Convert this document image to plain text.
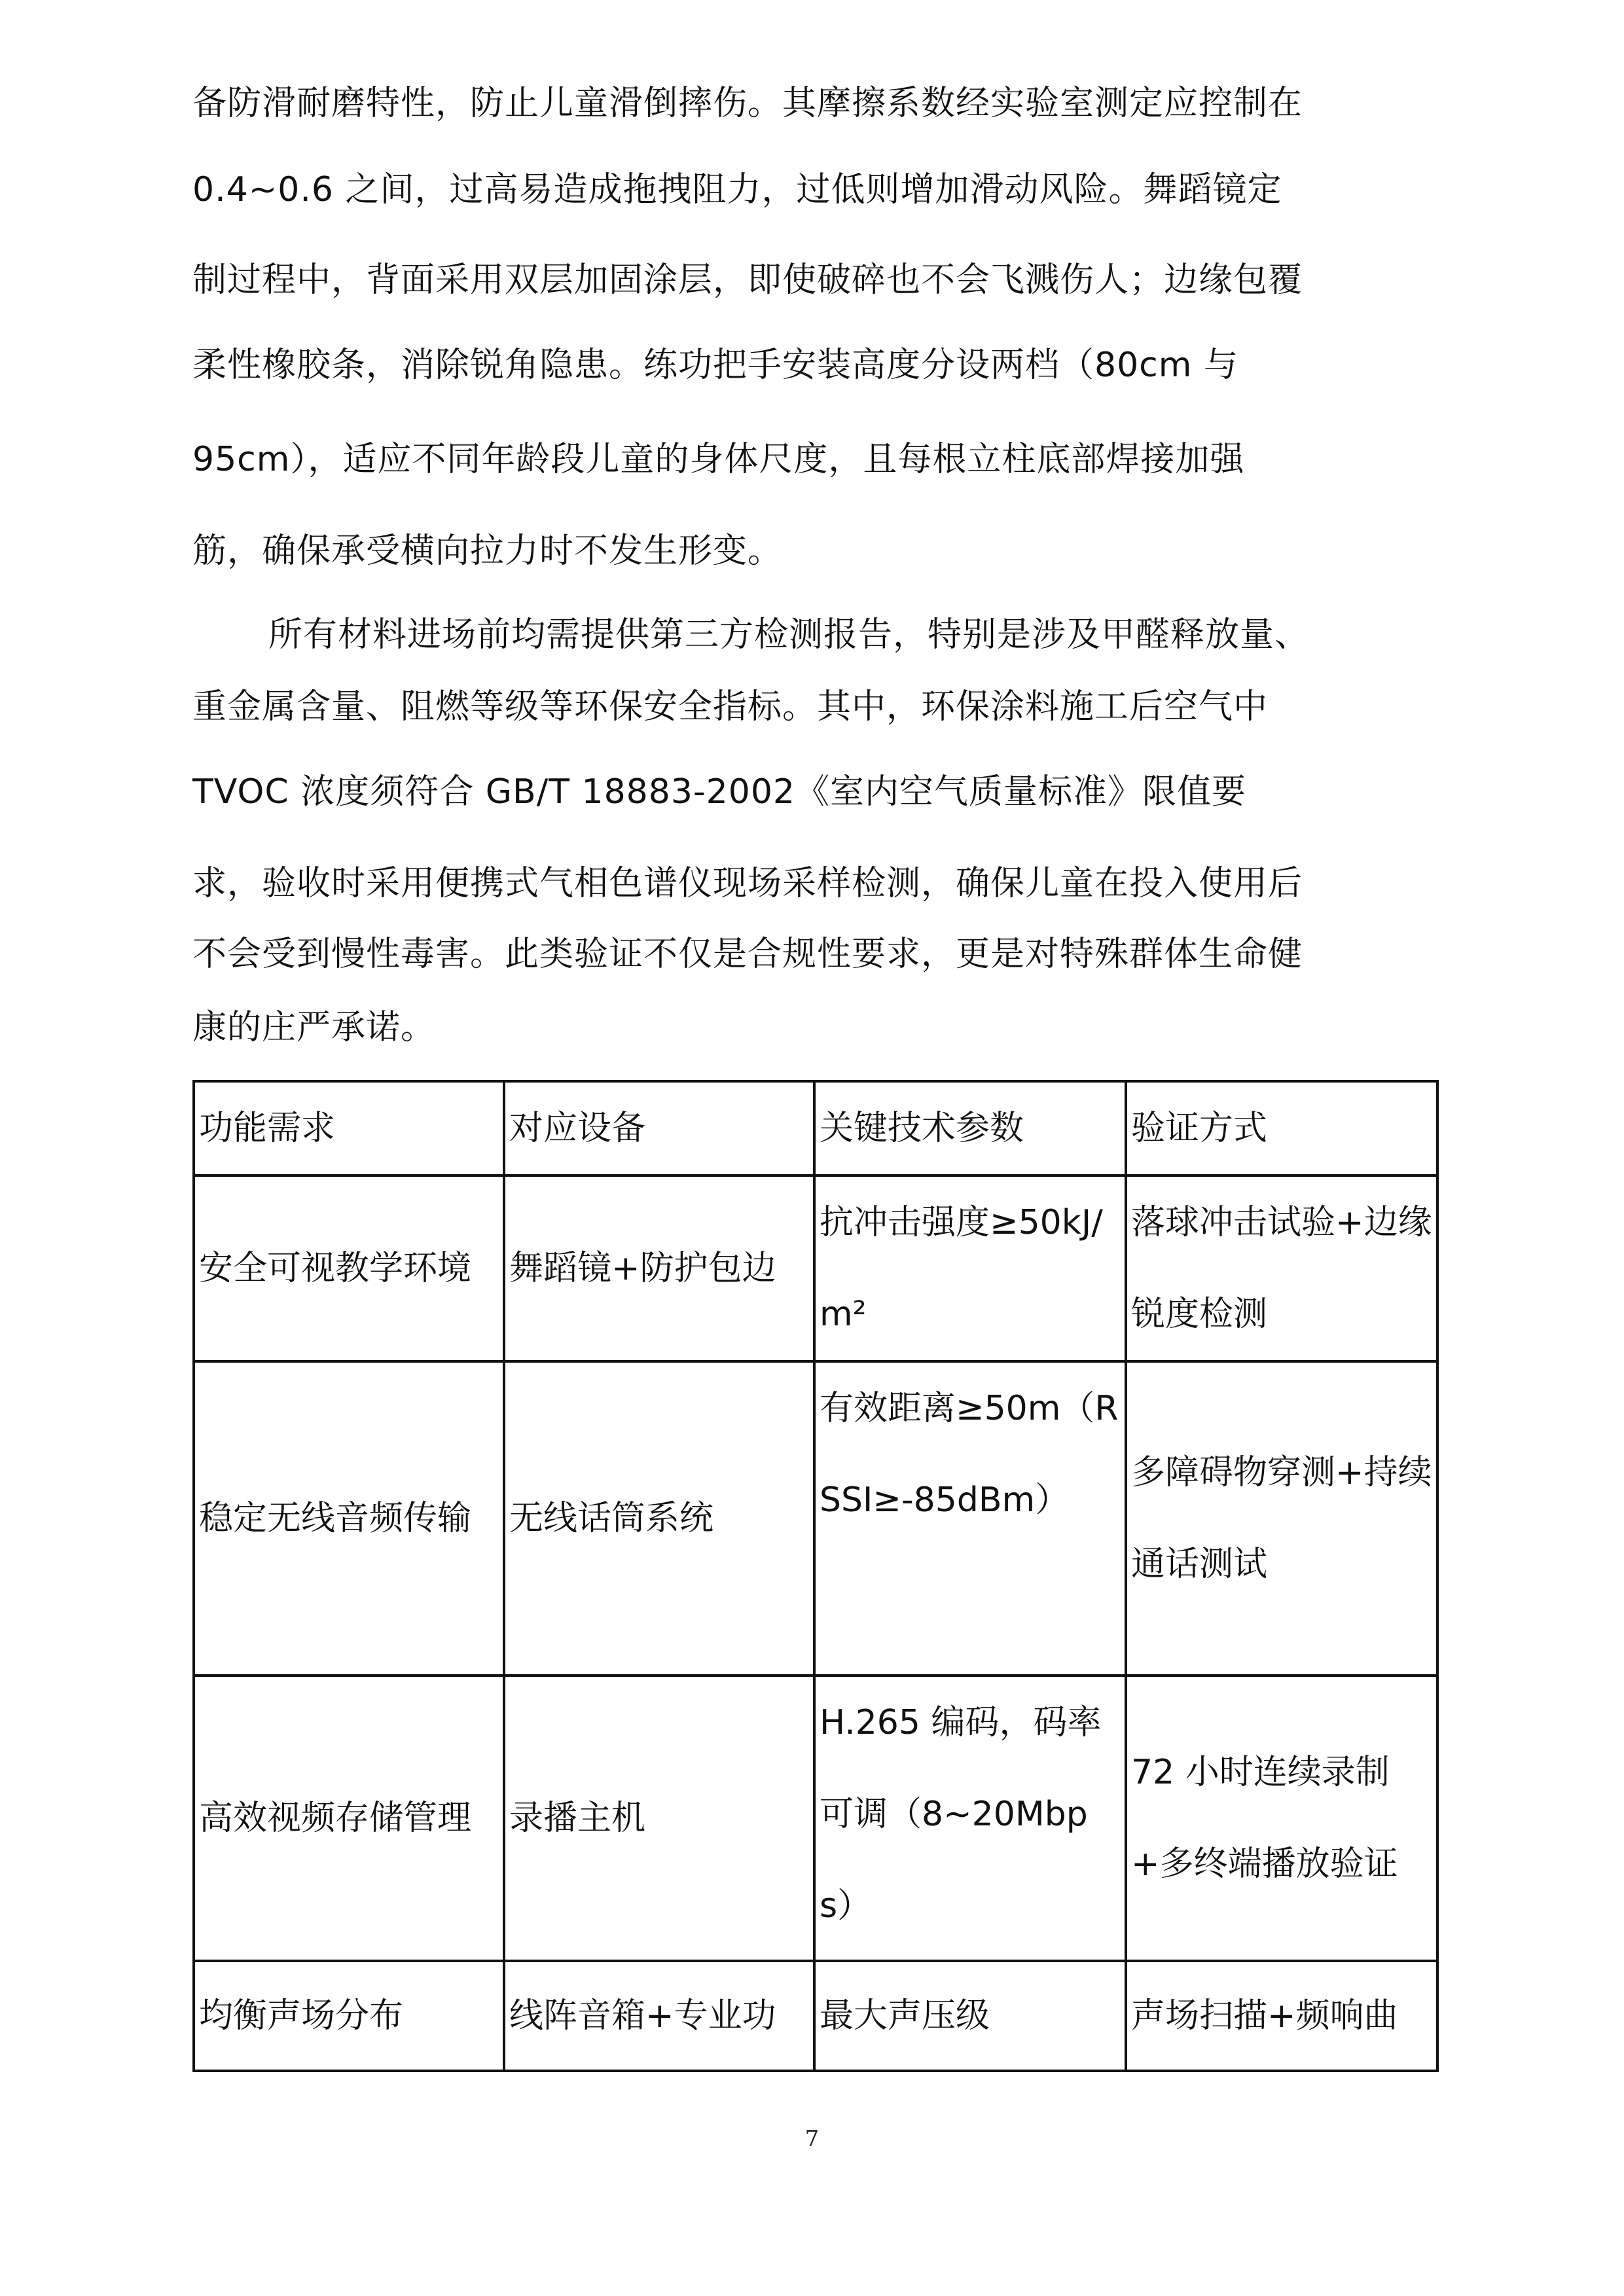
备防滑耐磨特性，防止儿童滑倒摔伤。其摩擦系数经实验室测定应控制在
0.4~0.6 之间，过高易造成拖拽阻力，过低则增加滑动风险。舞蹈镜定
制过程中，背面采用双层加固涂层，即使破碎也不会飞溅伤人；边缘包覆
柔性橡胶条，消除锐角隐患。练功把手安装高度分设两档（80cm 与
95cm），适应不同年龄段儿童的身体尺度，且每根立柱底部焊接加强
筋，确保承受横向拉力时不发生形变。
所有材料进场前均需提供第三方检测报告，特别是涉及甲醛释放量、
重金属含量、阻燃等级等环保安全指标。其中，环保涂料施工后空气中
TVOC 浓度须符合 GB/T 18883-2002《室内空气质量标准》限值要
求，验收时采用便携式气相色谱仪现场采样检测，确保儿童在投入使用后
不会受到慢性毒害。此类验证不仅是合规性要求，更是对特殊群体生命健
康的庄严承诺。
功能需求	对应设备	关键技术参数	验证方式
安全可视教学环境	舞蹈镜+防护包边	抗冲击强度≥50kJ/m²	落球冲击试验+边缘锐度检测
稳定无线音频传输	无线话筒系统	有效距离≥50m（RSSI≥-85dBm）	多障碍物穿测+持续通话测试
高效视频存储管理	录播主机	H.265 编码，码率可调（8~20Mbps）	72 小时连续录制+多终端播放验证
均衡声场分布	线阵音箱+专业功	最大声压级	声场扫描+频响曲
7
